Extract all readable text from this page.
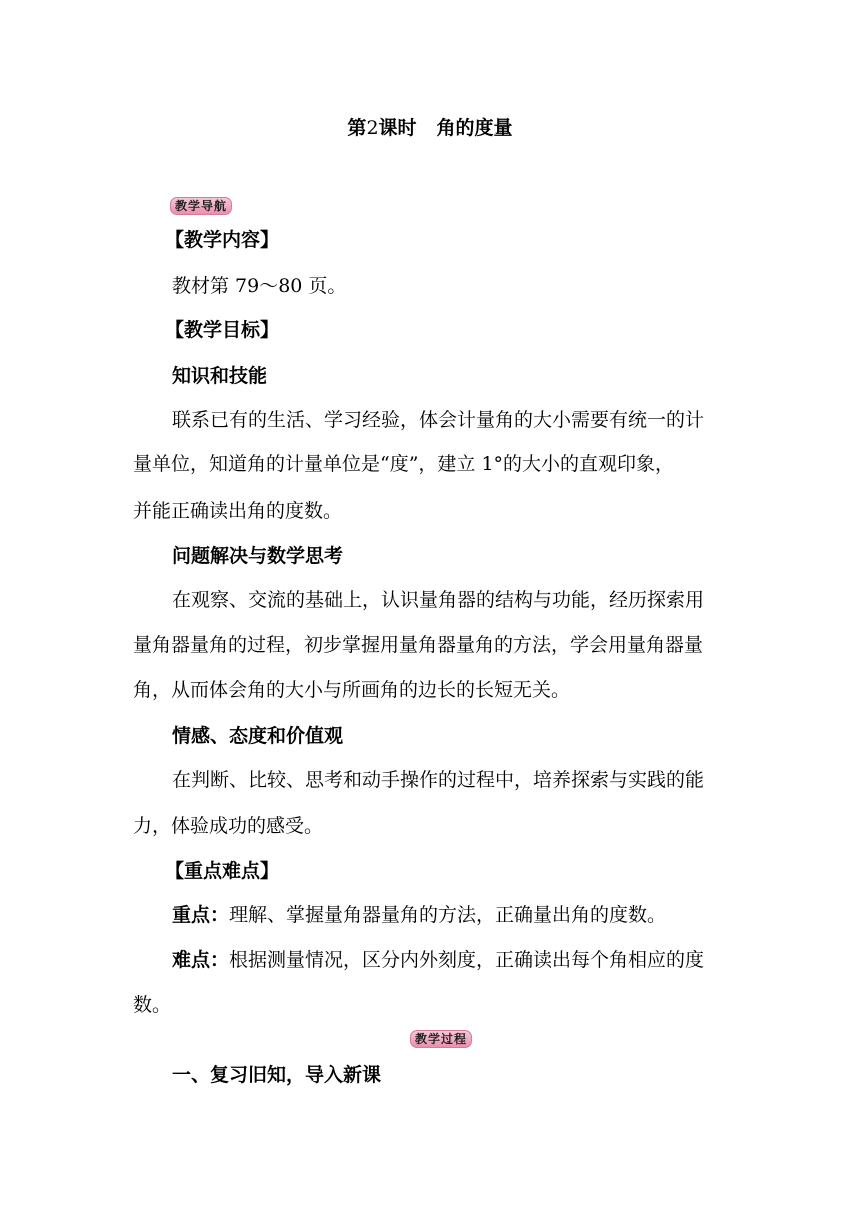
第2课时 角的度量
教学导航
【教学内容】
教材第 79～80 页。
【教学目标】
知识和技能
联系已有的生活、学习经验，体会计量角的大小需要有统一的计
量单位，知道角的计量单位是“度”，建立 1°的大小的直观印象，
并能正确读出角的度数。
问题解决与数学思考
在观察、交流的基础上，认识量角器的结构与功能，经历探索用
量角器量角的过程，初步掌握用量角器量角的方法，学会用量角器量
角，从而体会角的大小与所画角的边长的长短无关。
情感、态度和价值观
在判断、比较、思考和动手操作的过程中，培养探索与实践的能
力，体验成功的感受。
【重点难点】
重点：理解、掌握量角器量角的方法，正确量出角的度数。
难点：根据测量情况，区分内外刻度，正确读出每个角相应的度
数。
教学过程
一、复习旧知，导入新课
